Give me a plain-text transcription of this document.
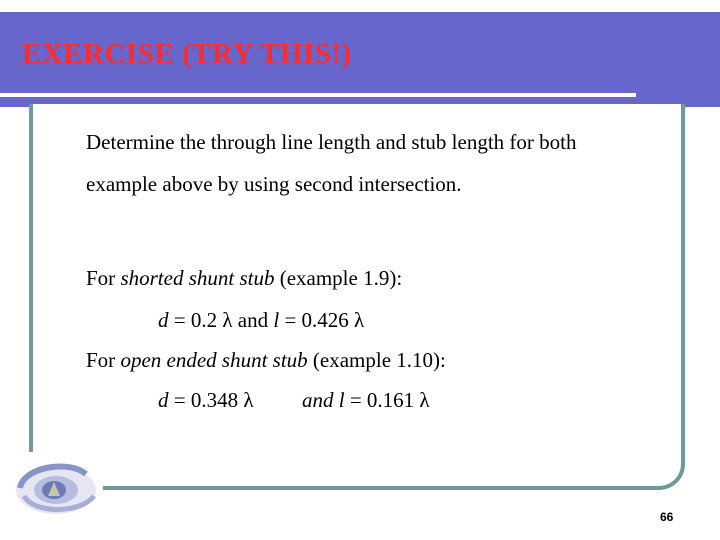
EXERCISE (TRY THIS!)
Determine the through line length and stub length for both
example above by using second intersection.
For shorted shunt stub (example 1.9):
d = 0.2 λ and l = 0.426 λ
For open ended shunt stub (example 1.10):
d = 0.348 λ and l = 0.161 λ
66
